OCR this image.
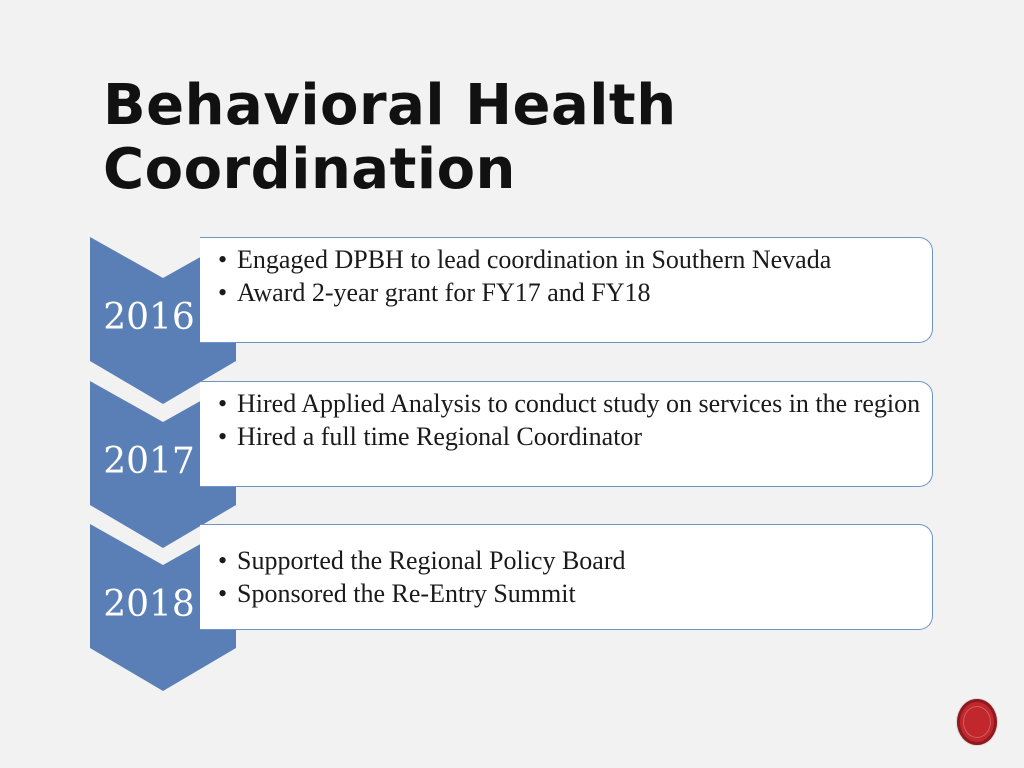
Behavioral Health
Coordination
2016
• Engaged DPBH to lead coordination in Southern Nevada
• Award 2-year grant for FY17 and FY18
2017
• Hired Applied Analysis to conduct study on services in the region
• Hired a full time Regional Coordinator
2018
• Supported the Regional Policy Board
• Sponsored the Re-Entry Summit
